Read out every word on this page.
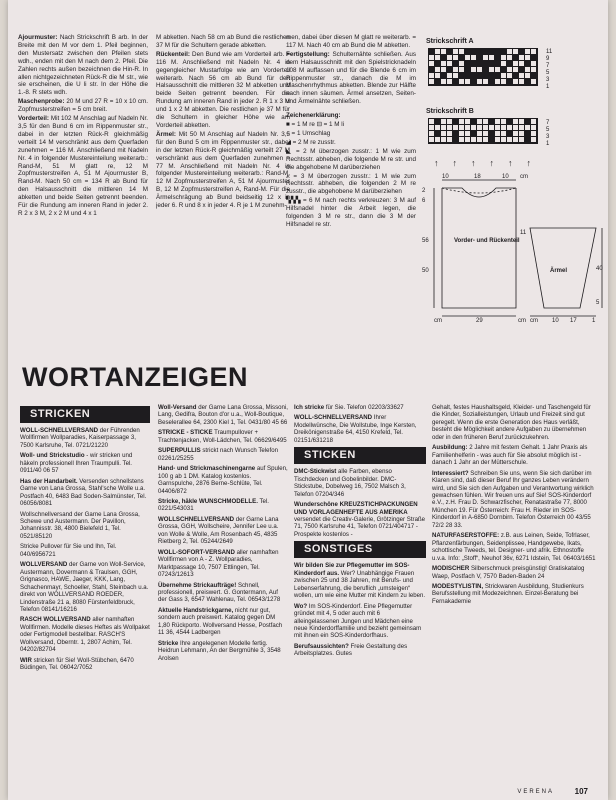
Ajourmuster: Nach Strickschrift B arb. In der Breite mit den M vor dem 1. Pfeil beginnen, den Mustersatz zwischen den Pfeilen stets wdh., enden mit den M nach dem 2. Pfeil. Die Zahlen rechts außen bezeichnen die Hin-R. In allen nichtgezeichneten Rück-R die M str., wie sie erscheinen, die U li str. In der Höhe die 1.-8. R stets wdh.

Maschenprobe: 20 M und 27 R = 10 x 10 cm. Zopfmusterstreifen = 5 cm breit.

Vorderteil: Mit 102 M Anschlag auf Nadeln Nr. 3,5 für den Bund 6 cm im Rippenmuster str., dabei in der letzten Rück-R gleichmäßig verteilt 14 M verschränkt aus dem Querfaden zunehmen = 116 M. Anschließend mit Nadeln Nr. 4 in folgender Mustereinteilung weiterarb.: Rand-M, 51 M glatt re, 12 M Zopfmusterstreifen A, 51 M Ajourmuster B, Rand-M. Nach 50 cm = 134 R ab Bund für den Halsausschnitt die mittleren 14 M abketten und beide Seiten getrennt beenden. Für die Rundung am inneren Rand in jeder 2. R 2 x 3 M, 2 x 2 M und 4 x 1

M abketten. Nach 58 cm ab Bund die restlichen 37 M für die Schultern gerade abketten.

Rückenteil: Den Bund wie am Vorderteil arb. = 116 M. Anschließend mit Nadeln Nr. 4 in gegengleicher Mustarfolge wie am Vorderteil weiterarb. Nach 56 cm ab Bund für den Halsausschnitt die mittleren 32 M abketten und beide Seiten getrennt beenden. Für die Rundung am inneren Rand in jeder 2. R 1 x 3 M und 1 x 2 M abketten. Die restlichen je 37 M für die Schultern in gleicher Höhe wie am Vorderteil abketten.

Ärmel: Mit 50 M Anschlag auf Nadeln Nr. 3,5 für den Bund 5 cm im Rippenmuster str., dabei in der letzten Rück-R gleichmäßig verteilt 27 M verschränkt aus dem Querfaden zunehmen = 77 M. Anschließend mit Nadeln Nr. 4 in folgender Mustereinteilung weiterarb.: Rand-M, 12 M Zopfmusterstreifen A, 51 M Ajourmuster B, 12 M Zopfmusterstreifen A, Rand-M. Für die Ärmelschrägung ab Bund beidseitig 12 x in jeder 6. R und 8 x in jeder 4. R je 1 M zunehm-

men, dabei über diesen M glatt re weiterarb. = 117 M. Nach 40 cm ab Bund die M abketten.

Fertigstellung: Schulternähte schließen. Aus dem Halsausschnitt mit den Spielstricknadeln 108 M auffassen und für die Blende 6 cm im Rippenmuster str., danach die M im Maschenrhythmus abketten. Blende zur Hälfte nach innen säumen. Ärmel ansetzen, Seiten- und Ärmelnähte schließen.

Zeichenerklärung:

■ = 1 M re ⊟ = 1 M li

○ = 1 Umschlag

◢ = 2 M re zusstr.

◣ = 2 M überzogen zusstr.: 1 M wie zum Rechtsstr. abheben, die folgende M re str. und die abgehobene M darüberziehen

⩚ = 3 M überzogen zusstr.: 1 M wie zum Rechtsstr. abheben, die folgenden 2 M re zusstr., die abgehobene M darüberziehen

▚▚▚ = 6 M nach rechts verkreuzen: 3 M auf Hilfsnadel hinter die Arbeit legen, die folgenden 3 M re str., dann die 3 M der Hilfsnadel re str.

Strickschrift A
11
9
7
5
3
1
Strickschrift B
7
5
3
1
↑↑↑↑↑↑
10	18	10 cm
2
6
56
50
Vorder- und Rückenteil
Ärmel
11
40
5
cm	29	cm cm 10 17	1
WORTANZEIGEN
STRICKEN

WOLL-SCHNELLVERSAND der Führenden Wollfirmen Wollparadies, Kaiserpassage 3, 7500 Karlsruhe, Tel. 0721/21220

Woll- und Strickstudio - wir stricken und häkeln professionell Ihren Traumpulli. Tel. 0911/40 06 57

Has der Handarbeit. Versenden schnellstens Garne von Lana Grossa, Stahl'sche Wolle u.a. Postfach 40, 6483 Bad Soden-Salmünster, Tel. 06056/8081

Wollschnellversand der Garne Lana Grossa, Schewe und Austermann. Der Pavillon, Johannisstr. 38, 4800 Bielefeld 1, Tel. 0521/85120

Stricke Pullover für Sie und Ihn, Tel. 040/6956721

WOLLVERSAND der Garne von Woll-Service, Austermann, Dovermann & Traulsen, GGH, Grignasco, HAWE, Jaeger, KKK, Lang, Schachenmayr, Schoeller, Stahl, Steinbach u.a. direkt von WOLLVERSAND ROEDER, Lindenstraße 21 a, 8080 Fürstenfeldbruck, Telefon 08141/16216

RASCH WOLLVERSAND aller namhaften Wollfirmen. Modelle dieses Heftes als Wollpaket oder Fertigmodell bestellbar. RASCH'S Wollversand, Oberntr. 1, 2807 Achim, Tel. 04202/82704

WIR stricken für Sie! Woll-Stübchen, 6470 Büdingen, Tel. 06042/7052

Woll-Versand der Garne Lana Grossa, Missoni, Lang, Gedifra, Bouton d'or u.a., Woll-Boutique, Beselerallee 64, 2300 Kiel 1, Tel. 0431/80 45 66

STRICKE - STICKE Traumpullover + Trachtenjacken, Woll-Lädchen, Tel. 06629/6495

SUPERPULLIS strickt nach Wunsch Telefon 02261/25255

Hand- und Strickmaschinengarne auf Spulen, 100 g ab 1 DM. Katalog kostenlos. Garnspulche, 2876 Berne-Schlüte, Tel. 04406/872

Stricke, häkle WUNSCHMODELLE. Tel. 0221/543031

WOLLSCHNELLVERSAND der Garne Lana Grossa, GGH, Wollscheire, Jennifer Lee u.a. von Wolle & Wolle, Am Rosenbach 45, 4835 Rietberg 2, Tel. 05244/2649

WOLL-SOFORT-VERSAND aller namhaften Wollfirmen von A - Z. Wollparadies, Marktpassage 10, 7507 Ettlingen, Tel. 07243/12613

Übernehme Strickaufträge! Schnell, professionell, preiswert. G. Gontermann, Auf der Gass 3, 6547 Wahlenau, Tel. 06543/1278

Aktuelle Handstrickgarne, nicht nur gut, sondern auch preiswert. Katalog gegen DM 1,80 Rückporto. Wollversand Hesse, Postfach 11 36, 4544 Ladbergen

Stricke Ihre angelegenen Modelle fertig. Heidrun Lehmann, An der Bergmühle 3, 3548 Arolsen

Ich stricke für Sie. Telefon 02203/33627

WOLL-SCHNELLVERSAND Ihrer Modellwünsche, Die Wollstube, Inge Kersten, Dreikönigenstraße 64, 4150 Krefeld, Tel. 02151/631218

STICKEN

DMC-Stickwist alle Farben, ebenso Tischdecken und Gobelinbilder. DMC-Stickstube, Dobelweg 16, 7502 Malsch 3, Telefon 07204/346

Wunderschöne KREUZSTICHPACKUNGEN UND VORLAGENHEFTE AUS AMERIKA versendet die Creativ-Galerie, Grötzinger Straße 71, 7500 Karlsruhe 41, Telefon 0721/404717 - Prospekte kostenlos -

SONSTIGES

Wir bilden Sie zur Pflegemutter im SOS-Kinderdorf aus. Wer? Unabhängige Frauen zwischen 25 und 38 Jahren, mit Berufs- und Lebenserfahrung, die beruflich „umsteigen“ wollen, um wie eine Mutter mit Kindern zu leben.

Wo? Im SOS-Kinderdorf. Eine Pflegemutter gründet mit 4, 5 oder auch mit 6 alleingelassenen Jungen und Mädchen eine neue Kinderdorffamilie und bezieht gemeinsam mit ihnen ein SOS-Kinderdorfhaus.

Berufsaussichten? Freie Gestaltung des Arbeitsplatzes. Gutes

Gehalt, festes Haushaltsgeld, Kleider- und Taschengeld für die Kinder, Sozialleistungen, Urlaub und Freizeit sind gut geregelt. Wenn die erste Generation des Haus verläßt, besteht die Möglichkeit andere Aufgaben zu übernehmen oder in den früheren Beruf zurückzukehren.

Ausbildung: 2 Jahre mit festem Gehalt. 1 Jahr Praxis als Familienhelferin - was auch für Sie absolut möglich ist - danach 1 Jahr an der Mütterschule.

Interessiert? Schreiben Sie uns, wenn Sie sich darüber im Klaren sind, daß dieser Beruf Ihr ganzes Leben verändern wird, und Sie sich den Aufgaben und Verantwortung wirklich gewachsen fühlen. Wir freuen uns auf Sie! SOS-Kinderdorf e.V., z.H. Frau D. Schwarzfischer, Renatastraße 77, 8000 München 19. Für Österreich: Frau H. Rieder im SOS-Kinderdorf in A-6850 Dornbirn. Telefon Österreich 00 43/55 72/2 28 33.

NATURFASERSTOFFE: z.B. aus Leinen, Seide, Tofrlaser, Pflanzenfärbungen, Seidenplissee, Handgewebe, Ikats, schottische Tweeds, tel. Designer- und afrik. Ethnostoffe u.v.a. Info: „Stoff“, Neuhof 36v, 6271 Idstein, Tel. 06403/1651

MODISCHER Silberschmuck preisgünstig! Gratiskatalog Waep, Postfach V, 7570 Baden-Baden 24

MODESTYLISTIN, Strickwaren Ausbildung, Studienkurs Berufsstellung mit Modezeichnen. Einzel-Beratung bei Fernakademie

VERENA	107
